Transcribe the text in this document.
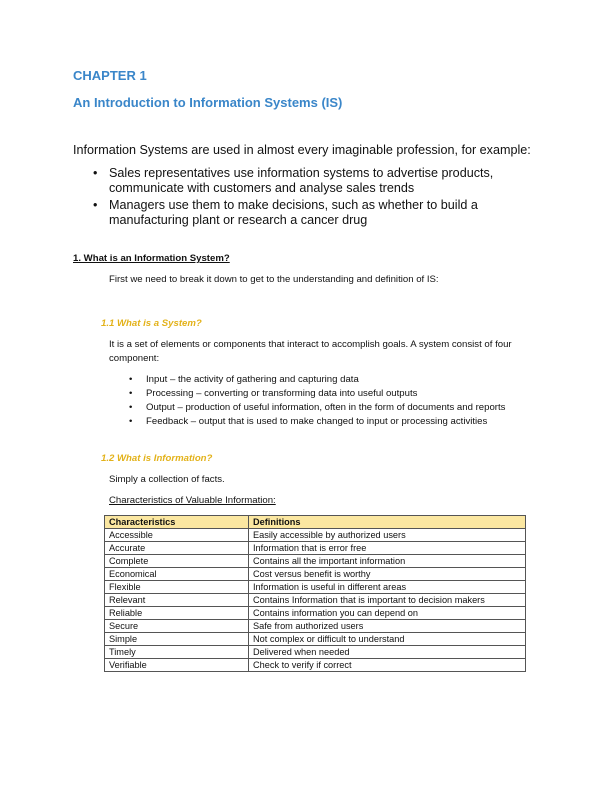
CHAPTER 1
An Introduction to Information Systems (IS)
Information Systems are used in almost every imaginable profession, for example:
• Sales representatives use information systems to advertise products, communicate with customers and analyse sales trends
• Managers use them to make decisions, such as whether to build a manufacturing plant or research a cancer drug
1. What is an Information System?
First we need to break it down to get to the understanding and definition of IS:
1.1 What is a System?
It is a set of elements or components that interact to accomplish goals. A system consist of four component:
• Input – the activity of gathering and capturing data
• Processing – converting or transforming data into useful outputs
• Output – production of useful information, often in the form of documents and reports
• Feedback – output that is used to make changed to input or processing activities
1.2 What is Information?
Simply a collection of facts.
Characteristics of Valuable Information:
Characteristics	Definitions
Accessible	Easily accessible by authorized users
Accurate	Information that is error free
Complete	Contains all the important information
Economical	Cost versus benefit is worthy
Flexible	Information is useful in different areas
Relevant	Contains Information that is important to decision makers
Reliable	Contains information you can depend on
Secure	Safe from authorized users
Simple	Not complex or difficult to understand
Timely	Delivered when needed
Verifiable	Check to verify if correct
